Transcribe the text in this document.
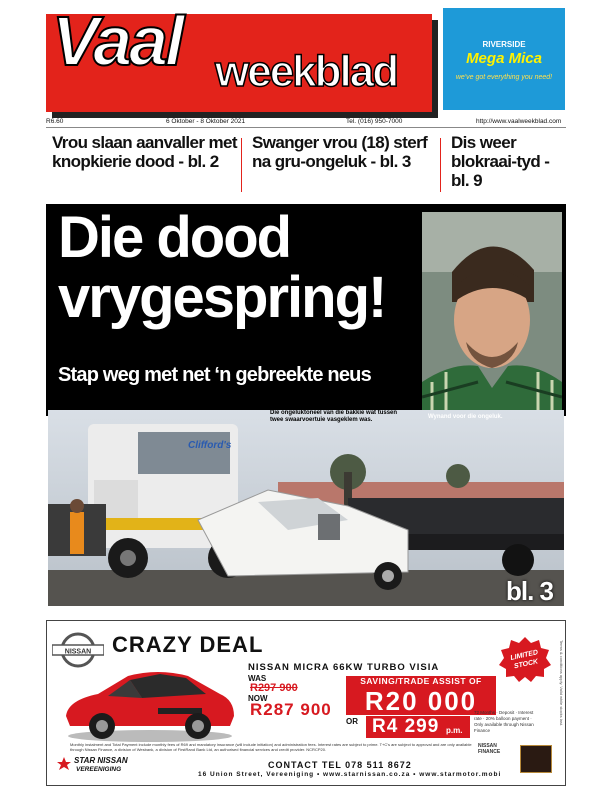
Vaal weekblad
RIVERSIDE
Mega Mica
we've got everything you need!
R6.60	6 Oktober - 8 Oktober 2021	Tel. (016) 950-7000	http://www.vaalweekblad.com
Vrou slaan aanvaller met knopkierie dood - bl. 2
Swanger vrou (18) sterf na gru-ongeluk - bl. 3
Dis weer blokraai-tyd - bl. 9
Die dood vrygespring!
Stap weg met net ‘n gebreekte neus
Clifford's
Die ongeluktoneel van die bakkie wat tussen twee swaarvoertuie vasgeklem was.	Wynand voor die ongeluk.
bl. 3
NISSAN CRAZY DEAL
NISSAN MICRA 66KW TURBO VISIA
WAS
R297 900
NOW
R287 900
SAVING/TRADE ASSIST OF
R20 000
OR R4 299 p.m.
72 Months · Deposit · Interest rate · 20% balloon payment · Only available through Nissan Finance
LIMITED
STOCK	Terms & conditions apply. Valid while stocks last.
Monthly instalment and Total Payment include monthly fees of R69 and mandatory insurance (will include initiation) and administration fees. Interest rates are subject to prime. T+C's are subject to approval and are only available through Nissan Finance, a division of Wesbank, a division of FirstRand Bank Ltd, an authorised financial services and credit provider. NCRCP20.
NISSAN FINANCE
STAR NISSAN
VEREENIGING	CONTACT TEL 078 511 8672
16 Union Street, Vereeniging • www.starnissan.co.za • www.starmotor.mobi
